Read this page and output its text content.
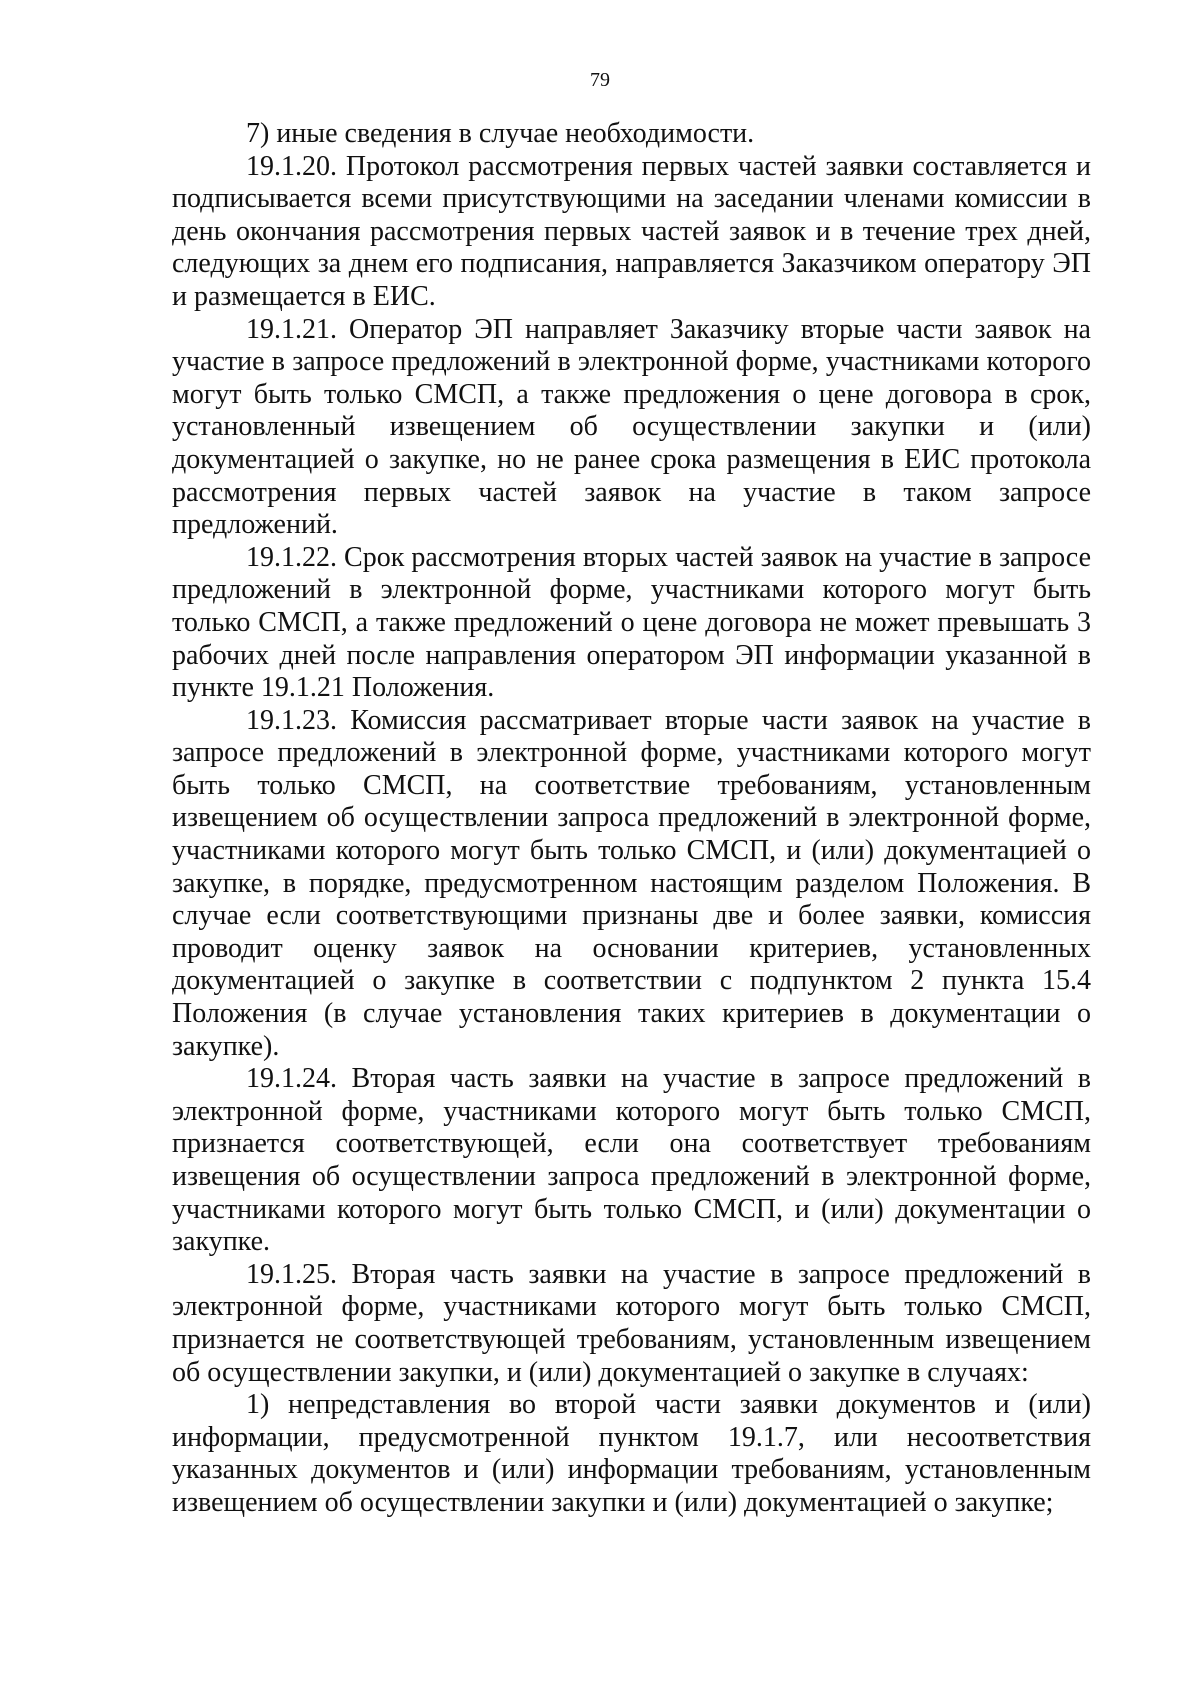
79

7) иные сведения в случае необходимости.

19.1.20. Протокол рассмотрения первых частей заявки составляется и подписывается всеми присутствующими на заседании членами комиссии в день окончания рассмотрения первых частей заявок и в течение трех дней, следующих за днем его подписания, направляется Заказчиком оператору ЭП и размещается в ЕИС.

19.1.21. Оператор ЭП направляет Заказчику вторые части заявок на участие в запросе предложений в электронной форме, участниками которого могут быть только СМСП, а также предложения о цене договора в срок, установленный извещением об осуществлении закупки и (или) документацией о закупке, но не ранее срока размещения в ЕИС протокола рассмотрения первых частей заявок на участие в таком запросе предложений.

19.1.22. Срок рассмотрения вторых частей заявок на участие в запросе предложений в электронной форме, участниками которого могут быть только СМСП, а также предложений о цене договора не может превышать 3 рабочих дней после направления оператором ЭП информации указанной в пункте 19.1.21 Положения.

19.1.23. Комиссия рассматривает вторые части заявок на участие в запросе предложений в электронной форме, участниками которого могут быть только СМСП, на соответствие требованиям, установленным извещением об осуществлении запроса предложений в электронной форме, участниками которого могут быть только СМСП, и (или) документацией о закупке, в порядке, предусмотренном настоящим разделом Положения. В случае если соответствующими признаны две и более заявки, комиссия проводит оценку заявок на основании критериев, установленных документацией о закупке в соответствии с подпунктом 2 пункта 15.4 Положения (в случае установления таких критериев в документации о закупке).

19.1.24. Вторая часть заявки на участие в запросе предложений в электронной форме, участниками которого могут быть только СМСП, признается соответствующей, если она соответствует требованиям извещения об осуществлении запроса предложений в электронной форме, участниками которого могут быть только СМСП, и (или) документации о закупке.

19.1.25. Вторая часть заявки на участие в запросе предложений в электронной форме, участниками которого могут быть только СМСП, признается не соответствующей требованиям, установленным извещением об осуществлении закупки, и (или) документацией о закупке в случаях:

1) непредставления во второй части заявки документов и (или) информации, предусмотренной пунктом 19.1.7, или несоответствия указанных документов и (или) информации требованиям, установленным извещением об осуществлении закупки и (или) документацией о закупке;
